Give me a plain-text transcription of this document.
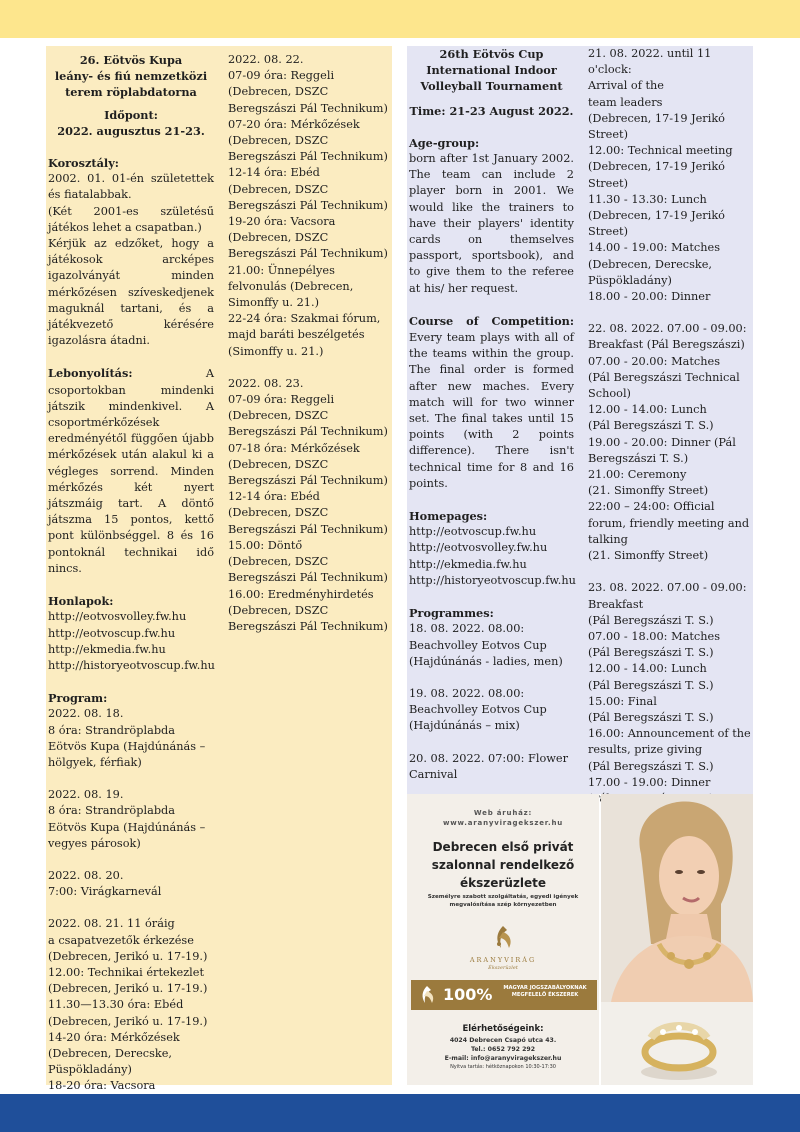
26. Eötvös Kupa
leány- és fiú nemzetközi
terem röplabdatorna
Időpont:
2022. augusztus 21-23.
Korosztály:
2002. 01. 01-én születettek és fiatalabbak.
(Két 2001-es születésű játékos lehet a csapatban.)
Kérjük az edzőket, hogy a játékosok arcképes igazolványát minden mérkőzésen szíveskedjenek maguknál tartani, és a játékvezető kérésére igazolásra átadni.
Lebonyolítás: A csoportokban mindenki játszik mindenkivel. A csoportmérkőzések eredményétől függően újabb mérkőzések után alakul ki a végleges sorrend. Minden mérkőzés két nyert játszmáig tart. A döntő játszma 15 pontos, kettő pont különbséggel. 8 és 16 pontoknál technikai idő nincs.
Honlapok:
http://eotvosvolley.fw.hu
http://eotvoscup.fw.hu
http://ekmedia.fw.hu
http://historyeotvoscup.fw.hu
Program:
2022. 08. 18.
8 óra: Strandröplabda Eötvös Kupa (Hajdúnánás – hölgyek, férfiak)
2022. 08. 19.
8 óra: Strandröplabda Eötvös Kupa (Hajdúnánás – vegyes párosok)
2022. 08. 20.
7:00: Virágkarnevál
2022. 08. 21. 11 óráig
a csapatvezetők érkezése
(Debrecen, Jerikó u. 17-19.)
12.00: Technikai értekezlet
(Debrecen, Jerikó u. 17-19.)
11.30—13.30 óra: Ebéd (Debrecen, Jerikó u. 17-19.)
14-20 óra: Mérkőzések (Debrecen, Derecske, Püspökladány)
18-20 óra: Vacsora
2022. 08. 22.
07-09 óra: Reggeli
(Debrecen, DSZC Beregszászi Pál Technikum)
07-20 óra: Mérkőzések
(Debrecen, DSZC Beregszászi Pál Technikum)
12-14 óra: Ebéd
(Debrecen, DSZC Beregszászi Pál Technikum)
19-20 óra: Vacsora
(Debrecen, DSZC Beregszászi Pál Technikum)
21.00: Ünnepélyes felvonulás (Debrecen, Simonffy u. 21.)
22-24 óra: Szakmai fórum, majd baráti beszélgetés (Simonffy u. 21.)
2022. 08. 23.
07-09 óra: Reggeli
(Debrecen, DSZC Beregszászi Pál Technikum)
07-18 óra: Mérkőzések
(Debrecen, DSZC Beregszászi Pál Technikum)
12-14 óra: Ebéd
(Debrecen, DSZC Beregszászi Pál Technikum)
15.00: Döntő
(Debrecen, DSZC Beregszászi Pál Technikum)
16.00: Eredményhirdetés
(Debrecen, DSZC Beregszászi Pál Technikum)
26th Eötvös Cup
International Indoor
Volleyball Tournament
Time: 21-23 August 2022.
Age-group:
born after 1st January 2002. The team can include 2 player born in 2001. We would like the trainers to have their players' identity cards on themselves passport, sportsbook), and to give them to the referee at his/ her request.
Course of Competition: Every team plays with all of the teams within the group. The final order is formed after new maches. Every match will for two winner set. The final takes until 15 points (with 2 points difference). There isn't technical time for 8 and 16 points.
Homepages:
http://eotvoscup.fw.hu
http://eotvosvolley.fw.hu
http://ekmedia.fw.hu
http://historyeotvoscup.fw.hu
Programmes:
18. 08. 2022. 08.00:
Beachvolley Eotvos Cup
(Hajdúnánás - ladies, men)
19. 08. 2022. 08.00:
Beachvolley Eotvos Cup
(Hajdúnánás – mix)
20. 08. 2022. 07:00: Flower Carnival
21. 08. 2022. until 11 o'clock:
Arrival of the
team leaders
(Debrecen, 17-19 Jerikó Street)
12.00: Technical meeting
(Debrecen, 17-19 Jerikó Street)
11.30 - 13.30: Lunch
(Debrecen, 17-19 Jerikó Street)
14.00 - 19.00: Matches
(Debrecen, Derecske, Püspökladány)
18.00 - 20.00: Dinner
22. 08. 2022. 07.00 - 09.00:
Breakfast (Pál Beregszászi)
07.00 - 20.00: Matches
(Pál Beregszászi Technical School)
12.00 - 14.00: Lunch
(Pál Beregszászi T. S.)
19.00 - 20.00: Dinner (Pál Beregszászi T. S.)
21.00: Ceremony
(21. Simonffy Street)
22:00 – 24:00: Official forum, friendly meeting and talking
(21. Simonffy Street)
23. 08. 2022. 07.00 - 09.00:
Breakfast
(Pál Beregszászi T. S.)
07.00 - 18.00: Matches
(Pál Beregszászi T. S.)
12.00 - 14.00: Lunch
(Pál Beregszászi T. S.)
15.00: Final
(Pál Beregszászi T. S.)
16.00: Announcement of the results, prize giving
(Pál Beregszászi T. S.)
17.00 - 19.00: Dinner

Web áruház:
www.aranyviragekszer.hu
Debrecen első privát szalonnal rendelkező ékszerüzlete
Személyre szabott szolgáltatás, egyedi igények megvalósítása szép környezetben
ARANYVIRÁG
Ékszerüzlet
100%	MAGYAR JOGSZABÁLYOKNAK MEGFELELŐ ÉKSZEREK
Elérhetőségeink:
4024 Debrecen Csapó utca 43.
Tel.: 0652 792 292
E-mail: info@aranyviragekszer.hu
Nyitva tartás: hétköznapokon 10:30-17:30
